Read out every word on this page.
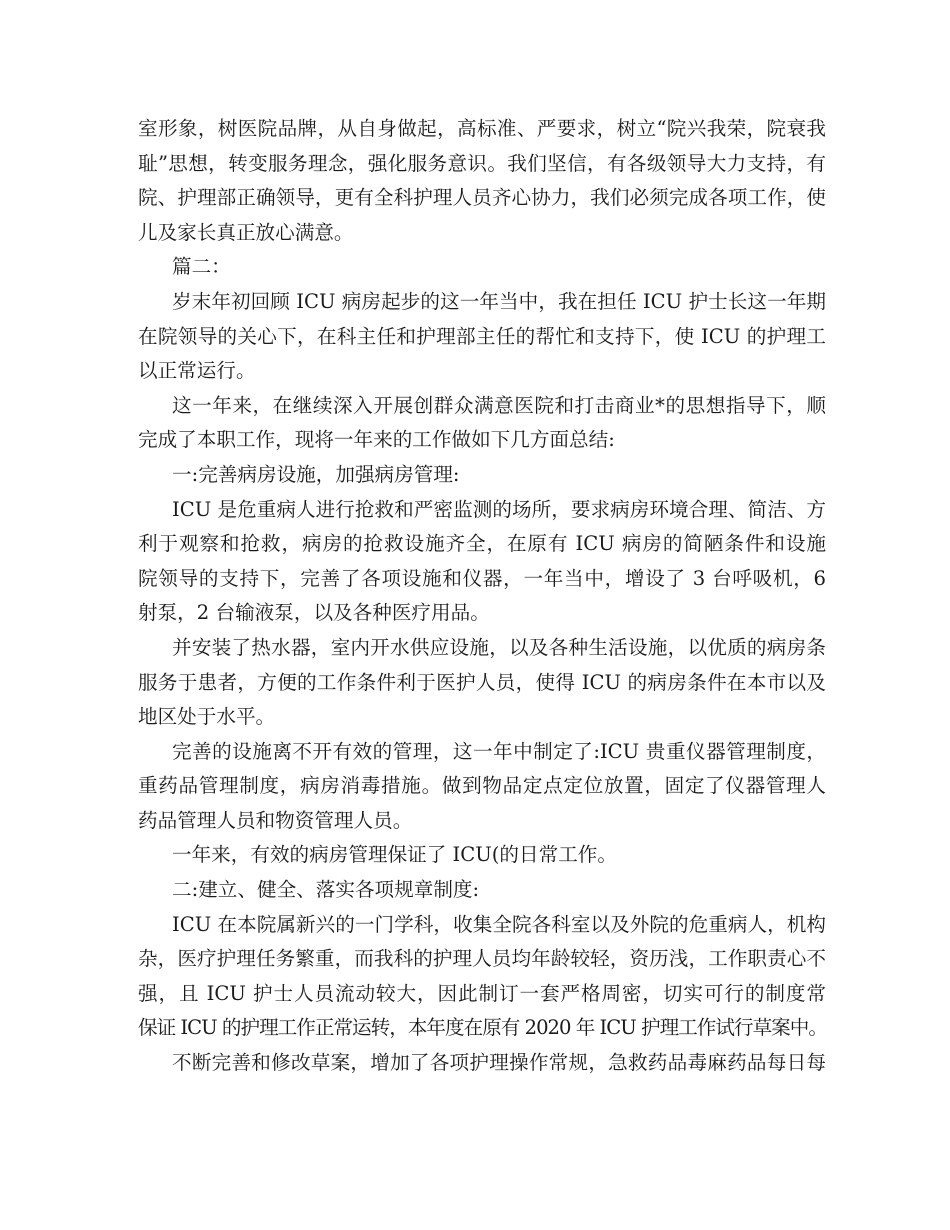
室形象，树医院品牌，从自身做起，高标准、严要求，树立“院兴我荣，院衰我
耻”思想，转变服务理念，强化服务意识。我们坚信，有各级领导大力支持，有
院、护理部正确领导，更有全科护理人员齐心协力，我们必须完成各项工作，使
儿及家长真正放心满意。
篇二：
岁末年初回顾 ICU 病房起步的这一年当中，我在担任 ICU 护士长这一年期
在院领导的关心下，在科主任和护理部主任的帮忙和支持下，使 ICU 的护理工
以正常运行。
这一年来，在继续深入开展创群众满意医院和打击商业*的思想指导下，顺
完成了本职工作，现将一年来的工作做如下几方面总结:
一:完善病房设施，加强病房管理:
ICU 是危重病人进行抢救和严密监测的场所，要求病房环境合理、简洁、方
利于观察和抢救，病房的抢救设施齐全，在原有 ICU 病房的简陋条件和设施
院领导的支持下，完善了各项设施和仪器，一年当中，增设了 3 台呼吸机，6
射泵，2 台输液泵，以及各种医疗用品。
并安装了热水器，室内开水供应设施，以及各种生活设施，以优质的病房条
服务于患者，方便的工作条件利于医护人员，使得 ICU 的病房条件在本市以及
地区处于水平。
完善的设施离不开有效的管理，这一年中制定了:ICU 贵重仪器管理制度，
重药品管理制度，病房消毒措施。做到物品定点定位放置，固定了仪器管理人
药品管理人员和物资管理人员。
一年来，有效的病房管理保证了 ICU(的日常工作。
二:建立、健全、落实各项规章制度:
ICU 在本院属新兴的一门学科，收集全院各科室以及外院的危重病人，机构
杂，医疗护理任务繁重，而我科的护理人员均年龄较轻，资历浅，工作职责心不
强，且 ICU 护士人员流动较大，因此制订一套严格周密，切实可行的制度常
保证 ICU 的护理工作正常运转，本年度在原有 2020 年 ICU 护理工作试行草案中。
不断完善和修改草案，增加了各项护理操作常规，急救药品毒麻药品每日每
